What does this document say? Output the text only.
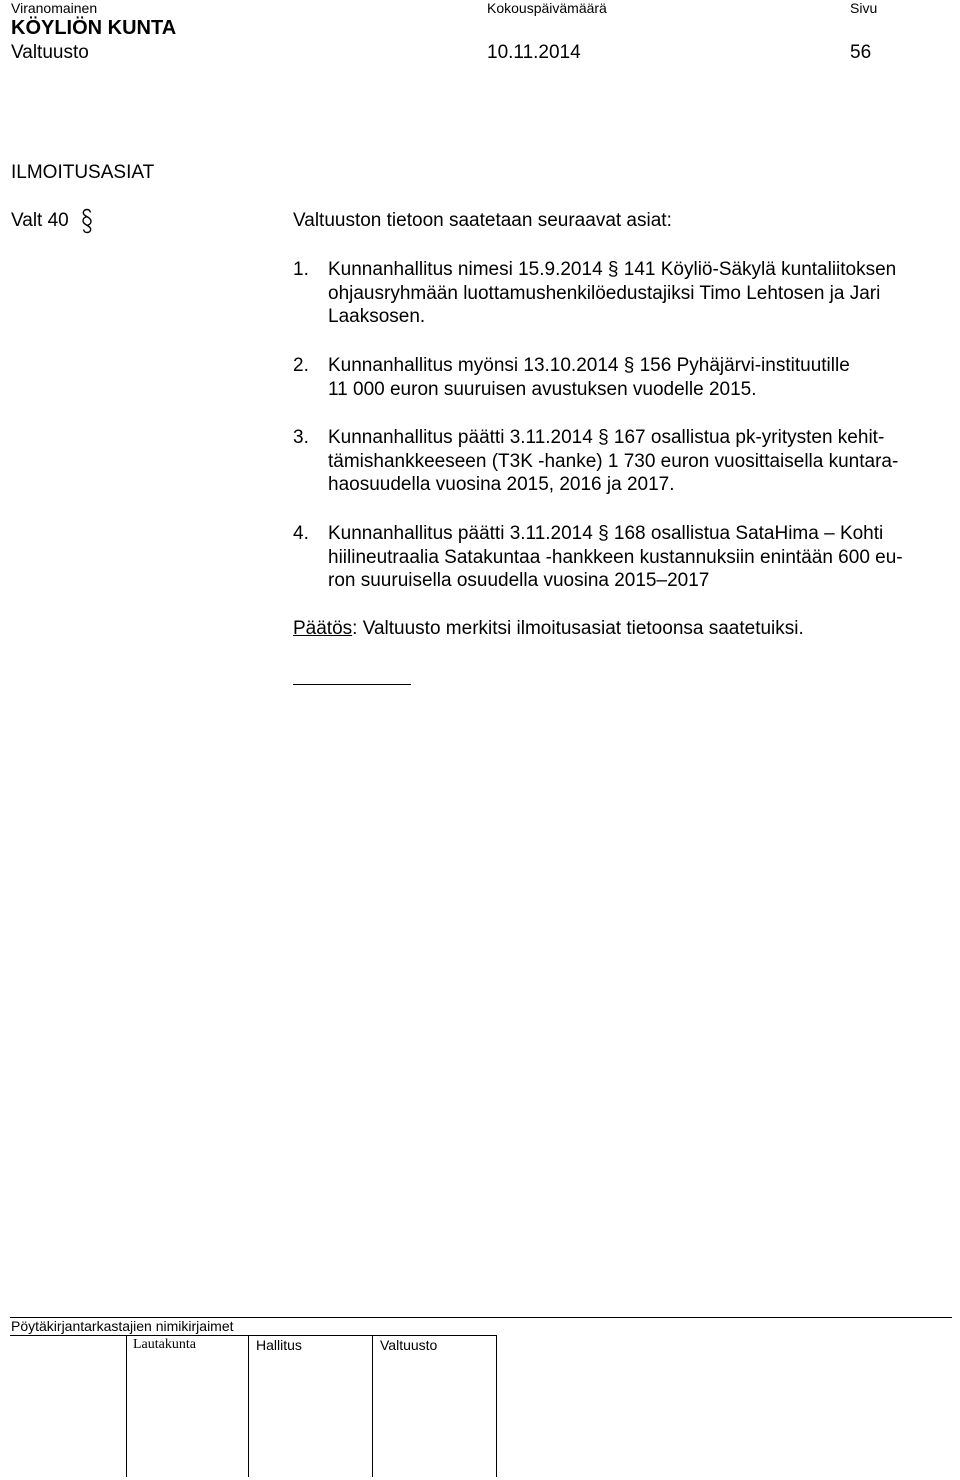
Viranomainen	Kokouspäivämäärä	Sivu
KÖYLIÖN KUNTA
Valtuusto	10.11.2014	56
ILMOITUSASIAT
Valt 40	Valtuuston tietoon saatetaan seuraavat asiat:
1. Kunnanhallitus nimesi 15.9.2014 § 141 Köyliö-Säkylä kuntaliitoksen
ohjausryhmään luottamushenkilöedustajiksi Timo Lehtosen ja Jari
Laaksosen.
2. Kunnanhallitus myönsi 13.10.2014 § 156 Pyhäjärvi-instituutille
11 000 euron suuruisen avustuksen vuodelle 2015.
3. Kunnanhallitus päätti 3.11.2014 § 167 osallistua pk-yritysten kehit-
tämishankkeeseen (T3K -hanke) 1 730 euron vuosittaisella kuntara-
haosuudella vuosina 2015, 2016 ja 2017.
4. Kunnanhallitus päätti 3.11.2014 § 168 osallistua SataHima – Kohti
hiilineutraalia Satakuntaa -hankkeen kustannuksiin enintään 600 eu-
ron suuruisella osuudella vuosina 2015–2017
Päätös: Valtuusto merkitsi ilmoitusasiat tietoonsa saatetuiksi.
Pöytäkirjantarkastajien nimikirjaimet
Lautakunta	Hallitus	Valtuusto
